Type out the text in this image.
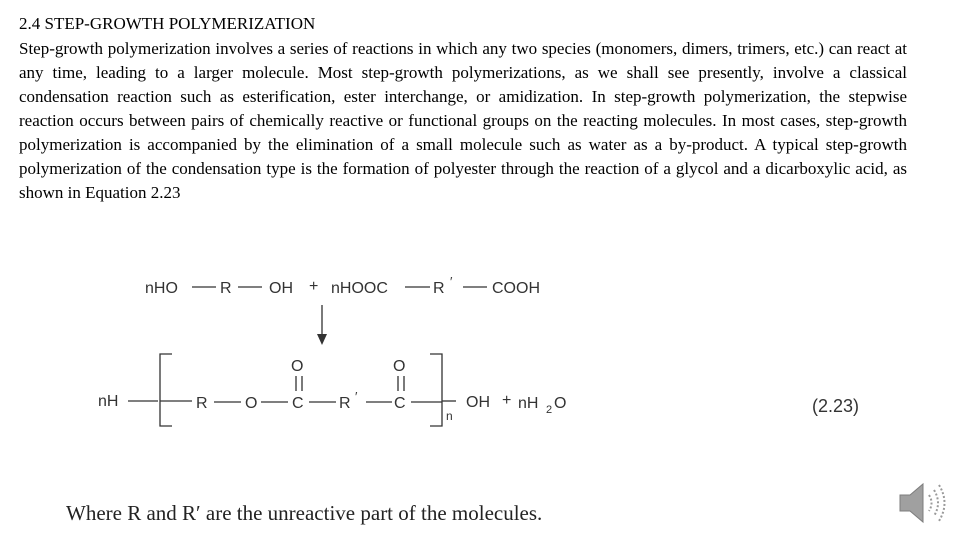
2.4 STEP-GROWTH POLYMERIZATION
Step-growth polymerization involves a series of reactions in which any two species (monomers, dimers, trimers, etc.) can react at any time, leading to a larger molecule. Most step-growth polymerizations, as we shall see presently, involve a classical condensation reaction such as esterification, ester interchange, or amidization. In step-growth polymerization, the stepwise reaction occurs between pairs of chemically reactive or functional groups on the reacting molecules. In most cases, step-growth polymerization is accompanied by the elimination of a small molecule such as water as a by-product. A typical step-growth polymerization of the condensation type is the formation of polyester through the reaction of a glycol and a dicarboxylic acid, as shown in Equation 2.23
nHO	R OH + nHOOC	R ′ COOH
nH	R O
O
C R ′
O
C
n
OH + nH 2 O	(2.23)
Where R and R′ are the unreactive part of the molecules.
